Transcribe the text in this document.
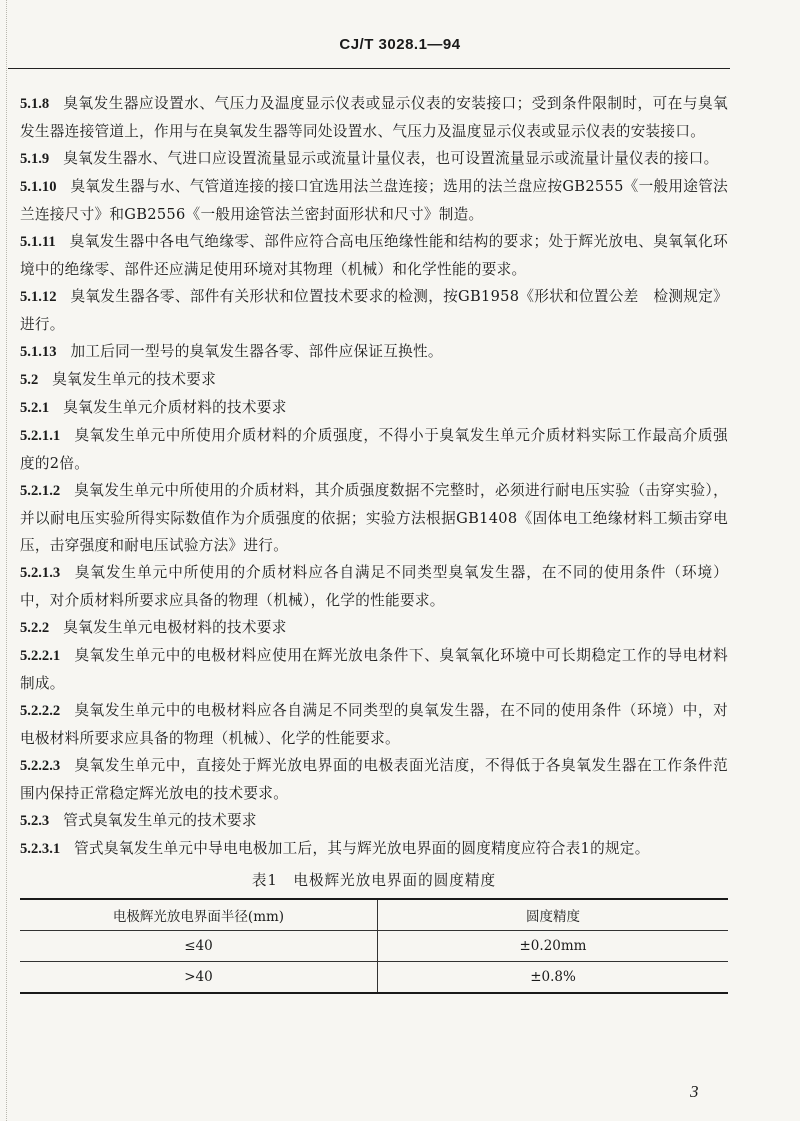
CJ/T 3028.1—94

5.1.8 臭氧发生器应设置水、气压力及温度显示仪表或显示仪表的安装接口；受到条件限制时，可在与臭氧发生器连接管道上，作用与在臭氧发生器等同处设置水、气压力及温度显示仪表或显示仪表的安装接口。

5.1.9 臭氧发生器水、气进口应设置流量显示或流量计量仪表，也可设置流量显示或流量计量仪表的接口。

5.1.10 臭氧发生器与水、气管道连接的接口宜选用法兰盘连接；选用的法兰盘应按GB2555《一般用途管法兰连接尺寸》和GB2556《一般用途管法兰密封面形状和尺寸》制造。

5.1.11 臭氧发生器中各电气绝缘零、部件应符合高电压绝缘性能和结构的要求；处于辉光放电、臭氧氧化环境中的绝缘零、部件还应满足使用环境对其物理（机械）和化学性能的要求。

5.1.12 臭氧发生器各零、部件有关形状和位置技术要求的检测，按GB1958《形状和位置公差　检测规定》进行。

5.1.13 加工后同一型号的臭氧发生器各零、部件应保证互换性。

5.2 臭氧发生单元的技术要求

5.2.1 臭氧发生单元介质材料的技术要求

5.2.1.1 臭氧发生单元中所使用介质材料的介质强度，不得小于臭氧发生单元介质材料实际工作最高介质强度的2倍。

5.2.1.2 臭氧发生单元中所使用的介质材料，其介质强度数据不完整时，必须进行耐电压实验（击穿实验），并以耐电压实验所得实际数值作为介质强度的依据；实验方法根据GB1408《固体电工绝缘材料工频击穿电压，击穿强度和耐电压试验方法》进行。

5.2.1.3 臭氧发生单元中所使用的介质材料应各自满足不同类型臭氧发生器，在不同的使用条件（环境）中，对介质材料所要求应具备的物理（机械），化学的性能要求。

5.2.2 臭氧发生单元电极材料的技术要求

5.2.2.1 臭氧发生单元中的电极材料应使用在辉光放电条件下、臭氧氧化环境中可长期稳定工作的导电材料制成。

5.2.2.2 臭氧发生单元中的电极材料应各自满足不同类型的臭氧发生器，在不同的使用条件（环境）中，对电极材料所要求应具备的物理（机械）、化学的性能要求。

5.2.2.3 臭氧发生单元中，直接处于辉光放电界面的电极表面光洁度，不得低于各臭氧发生器在工作条件范围内保持正常稳定辉光放电的技术要求。

5.2.3 管式臭氧发生单元的技术要求

5.2.3.1 管式臭氧发生单元中导电电极加工后，其与辉光放电界面的圆度精度应符合表1的规定。

表1　电极辉光放电界面的圆度精度
电极辉光放电界面半径(mm)	圆度精度
≤40	±0.20mm
>40	±0.8%
3
